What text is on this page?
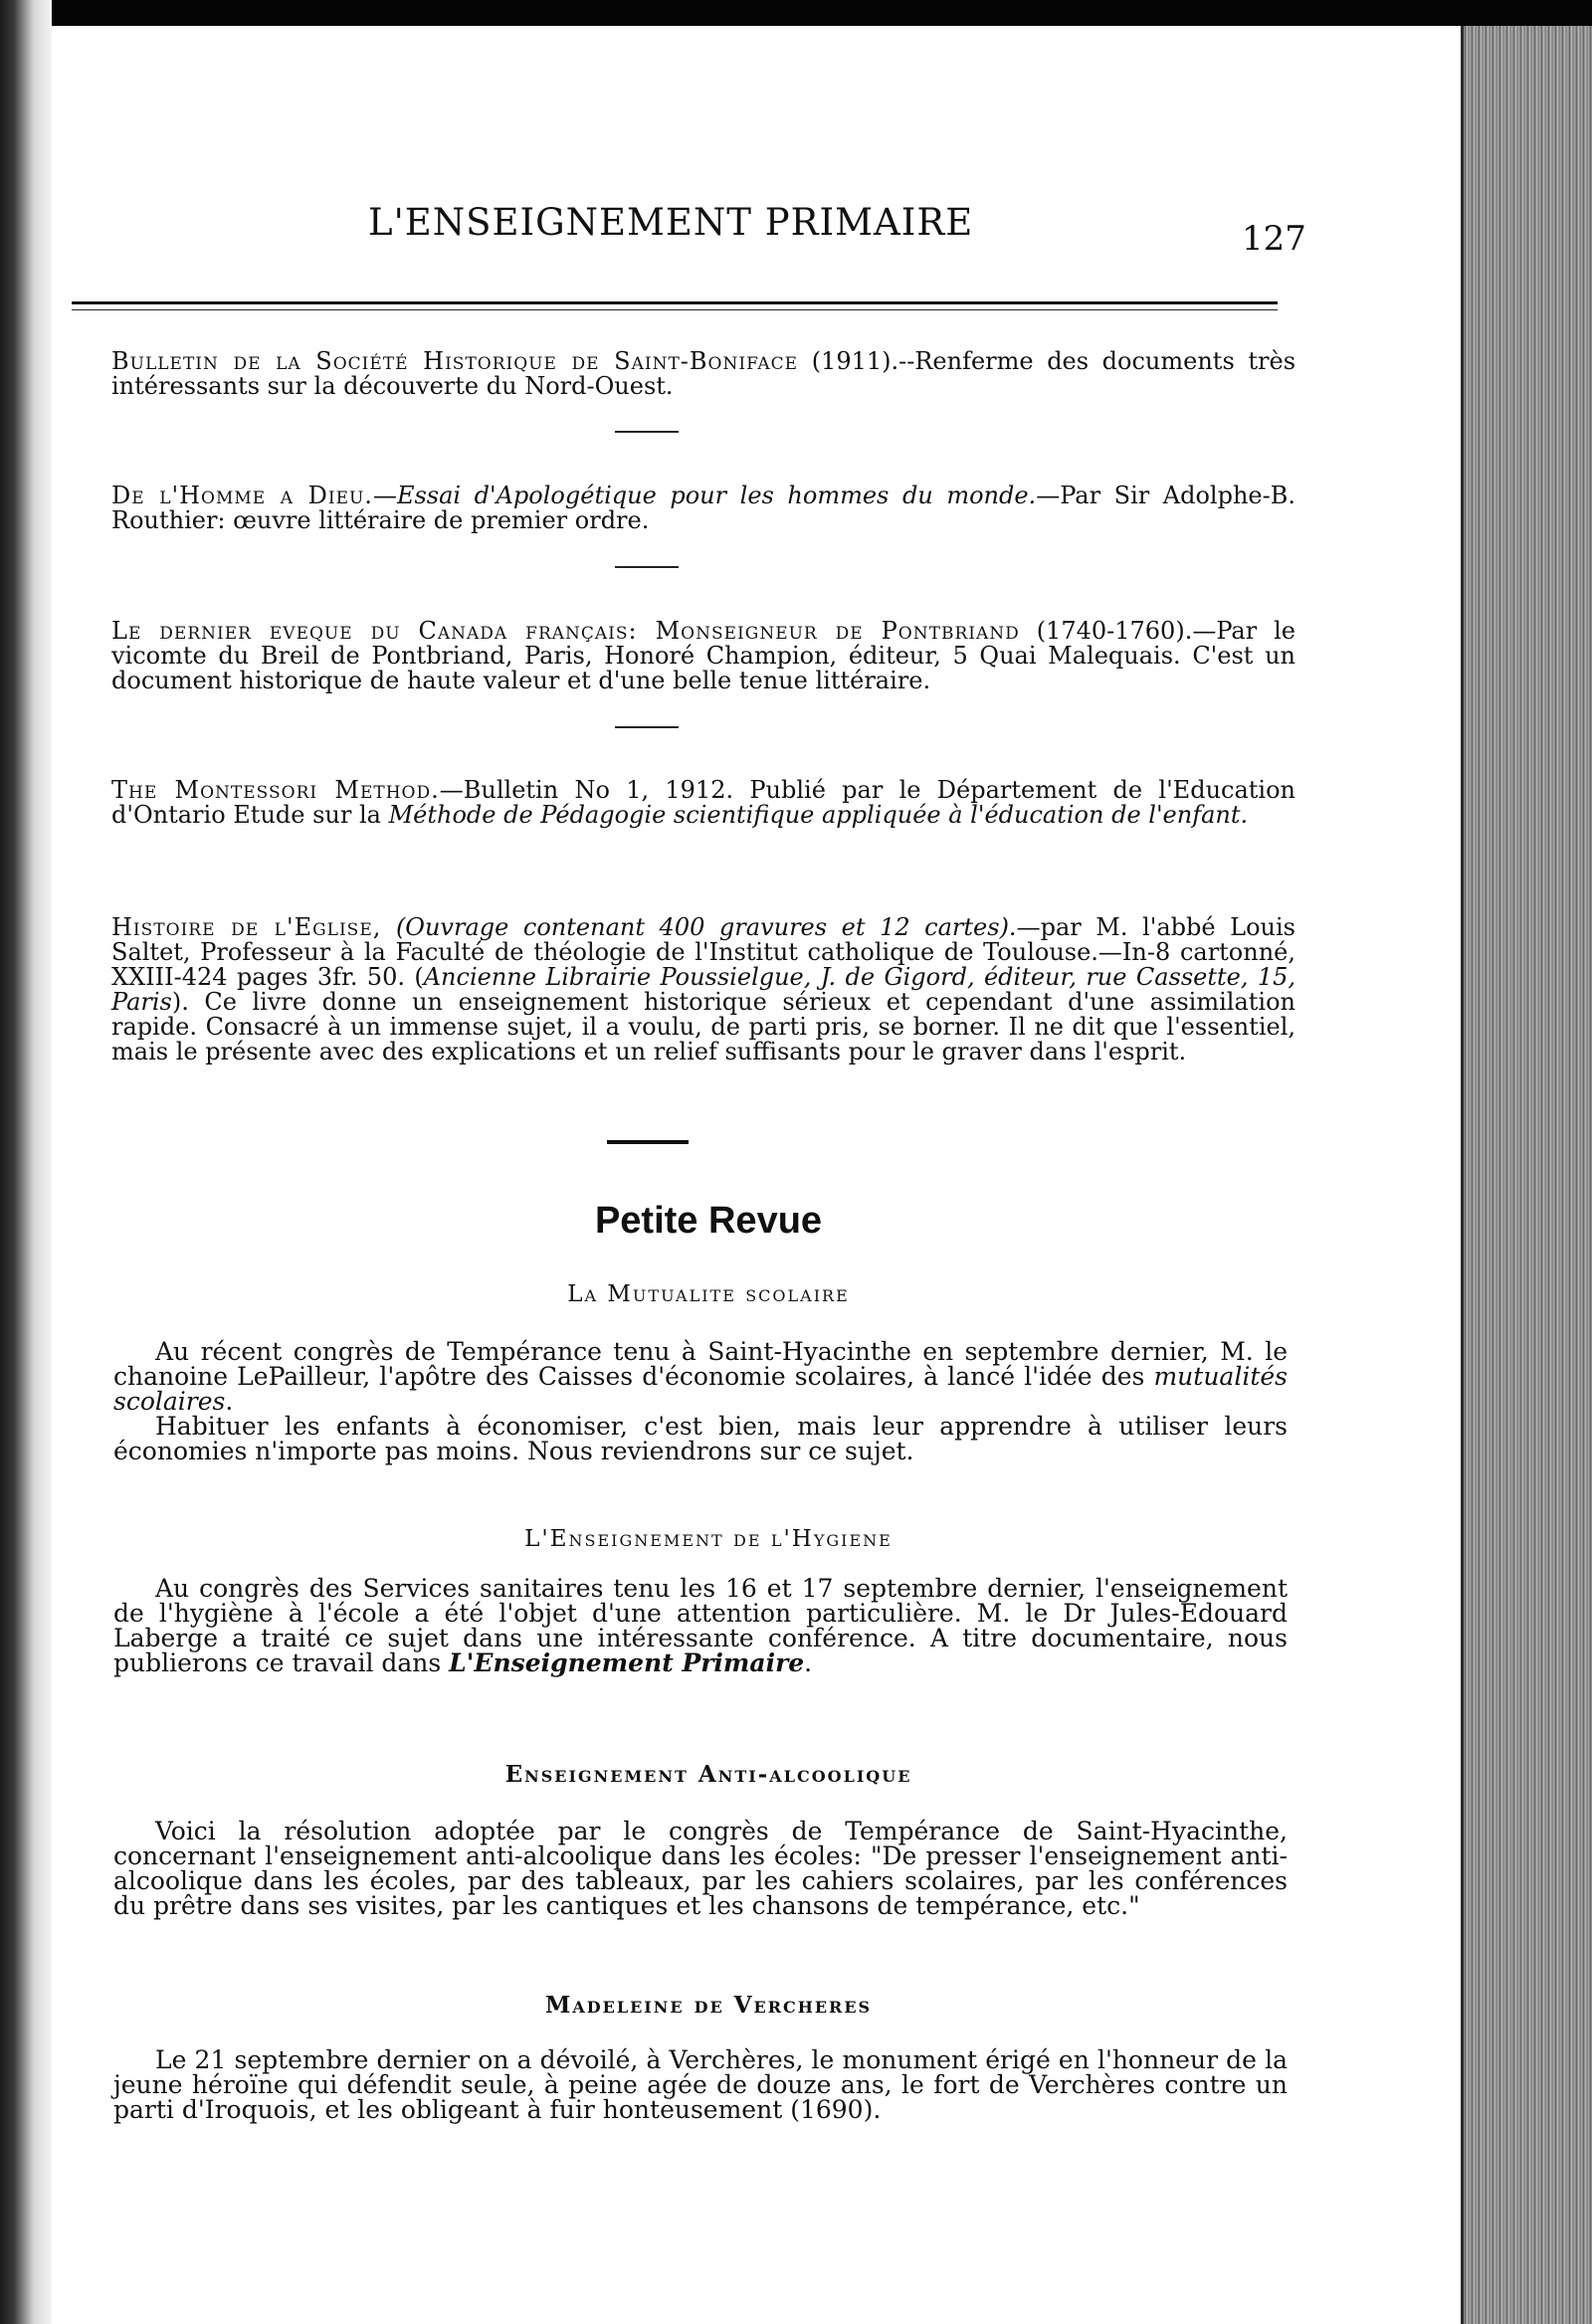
L'ENSEIGNEMENT PRIMAIRE	127

Bulletin de la Société Historique de Saint-Boniface (1911).--Renferme des documents très intéressants sur la découverte du Nord-Ouest.

De l'Homme a Dieu.—Essai d'Apologétique pour les hommes du monde.—Par Sir Adolphe-B. Routhier: œuvre littéraire de premier ordre.

Le dernier eveque du Canada français: Monseigneur de Pontbriand (1740-1760).—Par le vicomte du Breil de Pontbriand, Paris, Honoré Champion, éditeur, 5 Quai Malequais. C'est un document historique de haute valeur et d'une belle tenue littéraire.

The Montessori Method.—Bulletin No 1, 1912. Publié par le Département de l'Education d'Ontario Etude sur la Méthode de Pédagogie scientifique appliquée à l'éducation de l'enfant.

Histoire de l'Eglise, (Ouvrage contenant 400 gravures et 12 cartes).—par M. l'abbé Louis Saltet, Professeur à la Faculté de théologie de l'Institut catholique de Toulouse.—In-8 cartonné, XXIII-424 pages 3fr. 50. (Ancienne Librairie Poussielgue, J. de Gigord, éditeur, rue Cassette, 15, Paris). Ce livre donne un enseignement historique sérieux et cependant d'une assimilation rapide. Consacré à un immense sujet, il a voulu, de parti pris, se borner. Il ne dit que l'essentiel, mais le présente avec des explications et un relief suffisants pour le graver dans l'esprit.

Petite Revue
La Mutualite scolaire

Au récent congrès de Tempérance tenu à Saint-Hyacinthe en septembre dernier, M. le chanoine LePailleur, l'apôtre des Caisses d'économie scolaires, à lancé l'idée des mutualités scolaires.

Habituer les enfants à économiser, c'est bien, mais leur apprendre à utiliser leurs économies n'importe pas moins. Nous reviendrons sur ce sujet.

L'Enseignement de l'Hygiene

Au congrès des Services sanitaires tenu les 16 et 17 septembre dernier, l'enseignement de l'hygiène à l'école a été l'objet d'une attention particulière. M. le Dr Jules-Edouard Laberge a traité ce sujet dans une intéressante conférence. A titre documentaire, nous publierons ce travail dans L'Enseignement Primaire.

Enseignement Anti-alcoolique

Voici la résolution adoptée par le congrès de Tempérance de Saint-Hyacinthe, concernant l'enseignement anti-alcoolique dans les écoles: "De presser l'enseignement anti-alcoolique dans les écoles, par des tableaux, par les cahiers scolaires, par les conférences du prêtre dans ses visites, par les cantiques et les chansons de tempérance, etc."

Madeleine de Vercheres

Le 21 septembre dernier on a dévoilé, à Verchères, le monument érigé en l'honneur de la jeune héroïne qui défendit seule, à peine agée de douze ans, le fort de Verchères contre un parti d'Iroquois, et les obligeant à fuir honteusement (1690).
